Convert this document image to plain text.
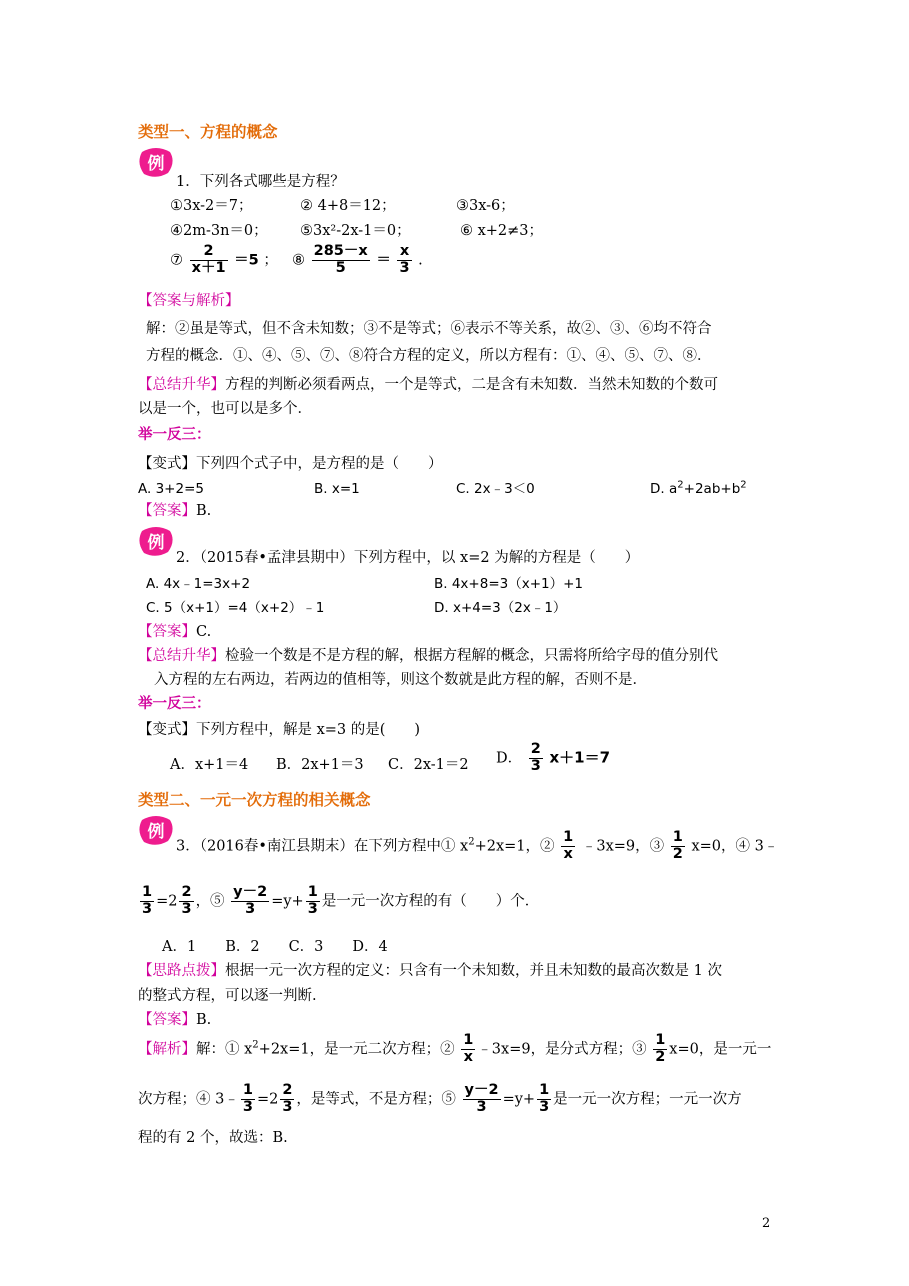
类型一、方程的概念
例
1．下列各式哪些是方程？
①3x-2＝7；	② 4+8＝12；	③3x-6；
④2m-3n＝0； ⑤3x²-2x-1＝0；	⑥ x+2≠3；
⑦ $\frac{2}{x+1} =5$ ； ⑧ $\frac{285-x}{5} = \frac{x}{3}$ .
【答案与解析】
解：②虽是等式，但不含未知数；③不是等式；⑥表示不等关系，故②、③、⑥均不符合
方程的概念．①、④、⑤、⑦、⑧符合方程的定义，所以方程有：①、④、⑤、⑦、⑧．
【总结升华】方程的判断必须看两点，一个是等式，二是含有未知数．当然未知数的个数可
以是一个，也可以是多个．
举一反三：
【变式】下列四个式子中，是方程的是（　　）
A. 3+2=5	B. x=1	C. 2x﹣3＜0	D. $a^2+2ab+b^2$
【答案】B.
例
2．（2015春•孟津县期中）下列方程中，以 x=2 为解的方程是（　　）
A. 4x﹣1=3x+2	B. 4x+8=3（x+1）+1
C. 5（x+1）=4（x+2）﹣1	D. x+4=3（2x﹣1）
【答案】C.
【总结升华】检验一个数是不是方程的解，根据方程解的概念，只需将所给字母的值分别代
入方程的左右两边，若两边的值相等，则这个数就是此方程的解，否则不是．
举一反三：
【变式】下列方程中，解是 x=3 的是(　　)
A．x+1＝4 B．2x+1＝3 C．2x-1＝2 D． $\frac{2}{3} x+1=7$
类型二、一元一次方程的相关概念
例
3．（2016春•南江县期末）在下列方程中① $x^2+2x=1$，② $\frac{1}{x}$ ﹣3x=9，③ $\frac{1}{2} x=0$，④ 3﹣
$\frac{1}{3} =2 \frac{2}{3}$ ，⑤ $\frac{y-2}{3} =y+ \frac{1}{3}$ 是一元一次方程的有（　　）个．
A．1　　B．2　　C．3　　D．4
【思路点拨】根据一元一次方程的定义：只含有一个未知数，并且未知数的最高次数是 1 次
的整式方程，可以逐一判断.
【答案】B.
【解析】解：① $x^2+2x=1$，是一元二次方程；② $\frac{1}{x}$ ﹣3x=9，是分式方程；③ $\frac{1}{2} x=0$，是一元一
次方程；④ 3﹣ $\frac{1}{3} =2 \frac{2}{3}$ ，是等式，不是方程；⑤ $\frac{y-2}{3} =y+ \frac{1}{3}$ 是一元一次方程；一元一次方
程的有 2 个，故选：B.
2
